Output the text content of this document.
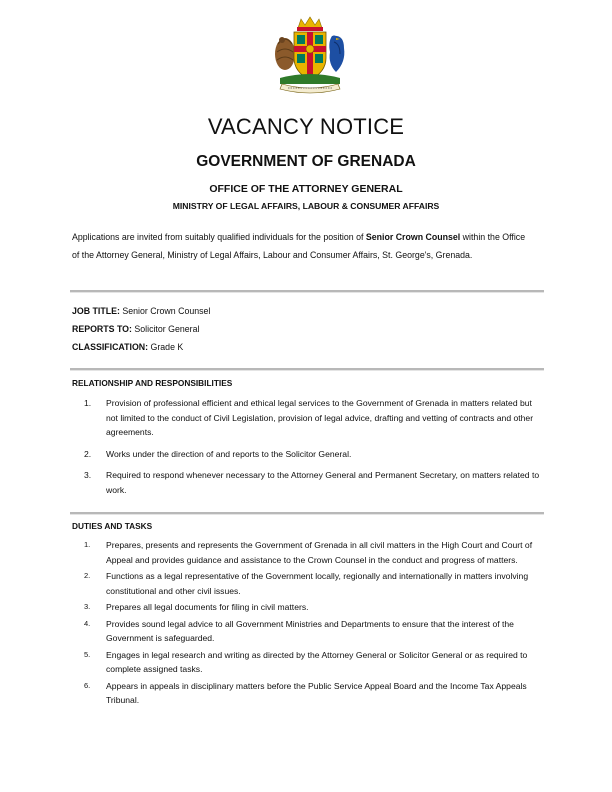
VACANCY NOTICE
GOVERNMENT OF GRENADA
OFFICE OF THE ATTORNEY GENERAL
MINISTRY OF LEGAL AFFAIRS, LABOUR & CONSUMER AFFAIRS
Applications are invited from suitably qualified individuals for the position of Senior Crown Counsel within the Office of the Attorney General, Ministry of Legal Affairs, Labour and Consumer Affairs, St. George's, Grenada.
JOB TITLE: Senior Crown Counsel
REPORTS TO: Solicitor General
CLASSIFICATION: Grade K
RELATIONSHIP AND RESPONSIBILITIES
1. Provision of professional efficient and ethical legal services to the Government of Grenada in matters related but not limited to the conduct of Civil Legislation, provision of legal advice, drafting and vetting of contracts and other agreements.
2. Works under the direction of and reports to the Solicitor General.
3. Required to respond whenever necessary to the Attorney General and Permanent Secretary, on matters related to work.
DUTIES AND TASKS
1. Prepares, presents and represents the Government of Grenada in all civil matters in the High Court and Court of Appeal and provides guidance and assistance to the Crown Counsel in the conduct and progress of matters.
2. Functions as a legal representative of the Government locally, regionally and internationally in matters involving constitutional and other civil issues.
3. Prepares all legal documents for filing in civil matters.
4. Provides sound legal advice to all Government Ministries and Departments to ensure that the interest of the Government is safeguarded.
5. Engages in legal research and writing as directed by the Attorney General or Solicitor General or as required to complete assigned tasks.
6. Appears in appeals in disciplinary matters before the Public Service Appeal Board and the Income Tax Appeals Tribunal.
